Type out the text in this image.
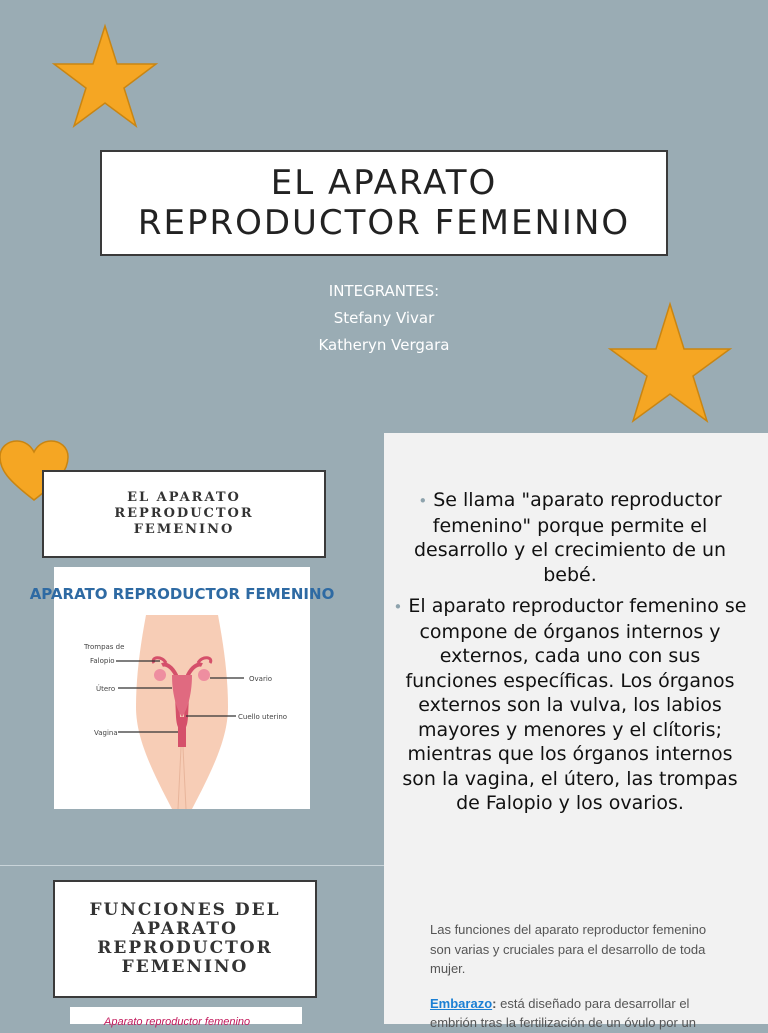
EL APARATO
REPRODUCTOR FEMENINO
INTEGRANTES:
Stefany Vivar
Katheryn Vergara
EL APARATO
REPRODUCTOR
FEMENINO
APARATO REPRODUCTOR FEMENINO
Trompas de
Falopio
Útero
Vagina
Ovario
Cuello uterino
• Se llama "aparato reproductor femenino" porque permite el desarrollo y el crecimiento de un bebé.
• El aparato reproductor femenino se compone de órganos internos y externos, cada uno con sus funciones específicas. Los órganos externos son la vulva, los labios mayores y menores y el clítoris; mientras que los órganos internos son la vagina, el útero, las trompas de Falopio y los ovarios.
FUNCIONES DEL
APARATO
REPRODUCTOR
FEMENINO
Las funciones del aparato reproductor femenino son varias y cruciales para el desarrollo de toda mujer.
Embarazo: está diseñado para desarrollar el embrión tras la fertilización de un óvulo por un
Aparato reproductor femenino
